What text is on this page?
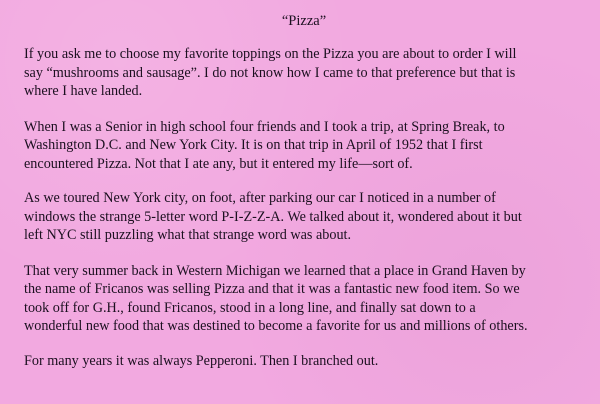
“Pizza”
If you ask me to choose my favorite toppings on the Pizza you are about to order I will
say “mushrooms and sausage”. I do not know how I came to that preference but that is
where I have landed.
When I was a Senior in high school four friends and I took a trip, at Spring Break, to
Washington D.C. and New York City. It is on that trip in April of 1952 that I first
encountered Pizza. Not that I ate any, but it entered my life—sort of.
As we toured New York city, on foot, after parking our car I noticed in a number of
windows the strange 5-letter word P-I-Z-Z-A. We talked about it, wondered about it but
left NYC still puzzling what that strange word was about.
That very summer back in Western Michigan we learned that a place in Grand Haven by
the name of Fricanos was selling Pizza and that it was a fantastic new food item. So we
took off for G.H., found Fricanos, stood in a long line, and finally sat down to a
wonderful new food that was destined to become a favorite for us and millions of others.
For many years it was always Pepperoni. Then I branched out.
